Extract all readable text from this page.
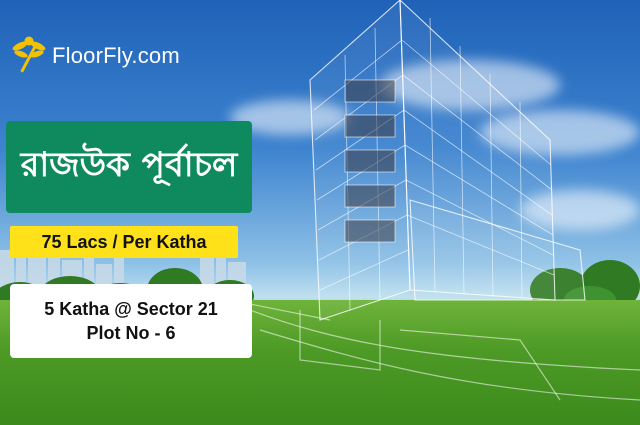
FloorFly.com
রাজউক পূর্বাচল
75 Lacs / Per Katha
5 Katha @ Sector 21
Plot No - 6
